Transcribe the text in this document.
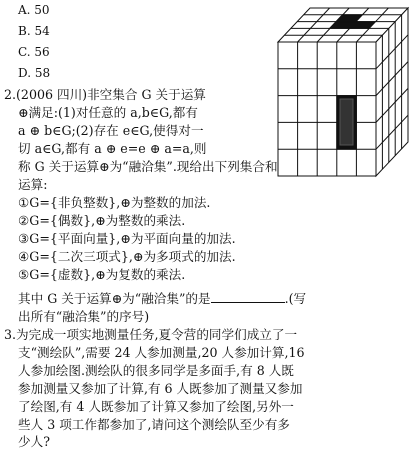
A. 50
B. 54
C. 56
D. 58
2.(2006 四川)非空集合 G 关于运算
⊕满足:(1)对任意的 a,b∈G,都有
a ⊕ b∈G;(2)存在 e∈G,使得对一
切 a∈G,都有 a ⊕ e=e ⊕ a=a,则
称 G 关于运算⊕为“融洽集”.现给出下列集合和
运算:
①G={非负整数},⊕为整数的加法.
②G={偶数},⊕为整数的乘法.
③G={平面向量},⊕为平面向量的加法.
④G={二次三项式},⊕为多项式的加法.
⑤G={虚数},⊕为复数的乘法.
其中 G 关于运算⊕为“融洽集”的是	.(写
出所有“融洽集”的序号)
3.为完成一项实地测量任务,夏令营的同学们成立了一
支“测绘队”,需要 24 人参加测量,20 人参加计算,16
人参加绘图.测绘队的很多同学是多面手,有 8 人既
参加测量又参加了计算,有 6 人既参加了测量又参加
了绘图,有 4 人既参加了计算又参加了绘图,另外一
些人 3 项工作都参加了,请问这个测绘队至少有多
少人?
